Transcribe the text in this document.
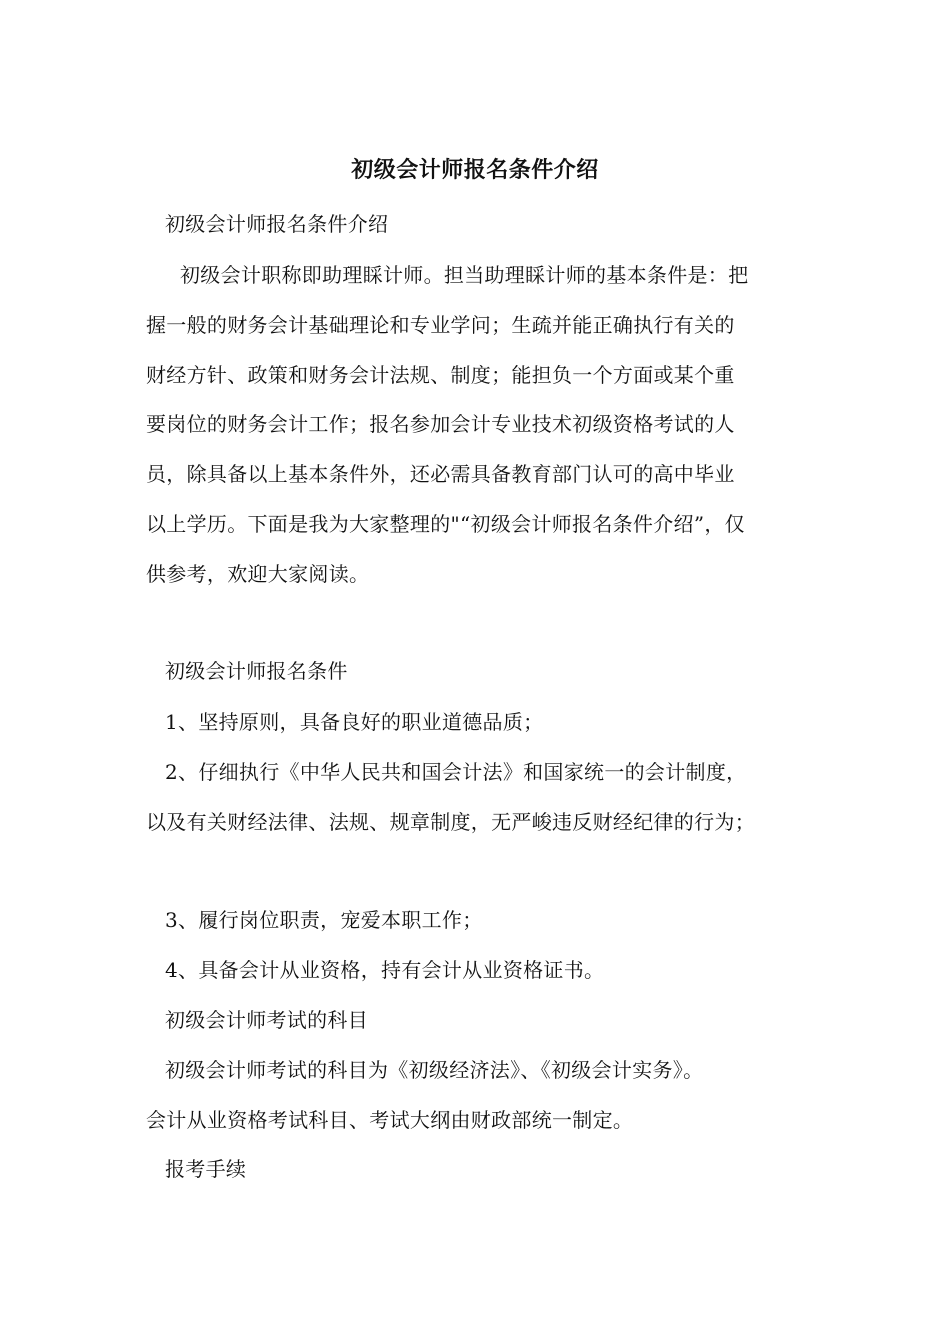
初级会计师报名条件介绍
初级会计师报名条件介绍
初级会计职称即助理睬计师。担当助理睬计师的基本条件是：把
握一般的财务会计基础理论和专业学问；生疏并能正确执行有关的
财经方针、政策和财务会计法规、制度；能担负一个方面或某个重
要岗位的财务会计工作；报名参加会计专业技术初级资格考试的人
员，除具备以上基本条件外，还必需具备教育部门认可的高中毕业
以上学历。下面是我为大家整理的"“初级会计师报名条件介绍”，仅
供参考，欢迎大家阅读。
初级会计师报名条件
1、坚持原则，具备良好的职业道德品质；
2、仔细执行《中华人民共和国会计法》和国家统一的会计制度，
以及有关财经法律、法规、规章制度，无严峻违反财经纪律的行为；
3、履行岗位职责，宠爱本职工作；
4、具备会计从业资格，持有会计从业资格证书。
初级会计师考试的科目
初级会计师考试的科目为《初级经济法》、《初级会计实务》。
会计从业资格考试科目、考试大纲由财政部统一制定。
报考手续
